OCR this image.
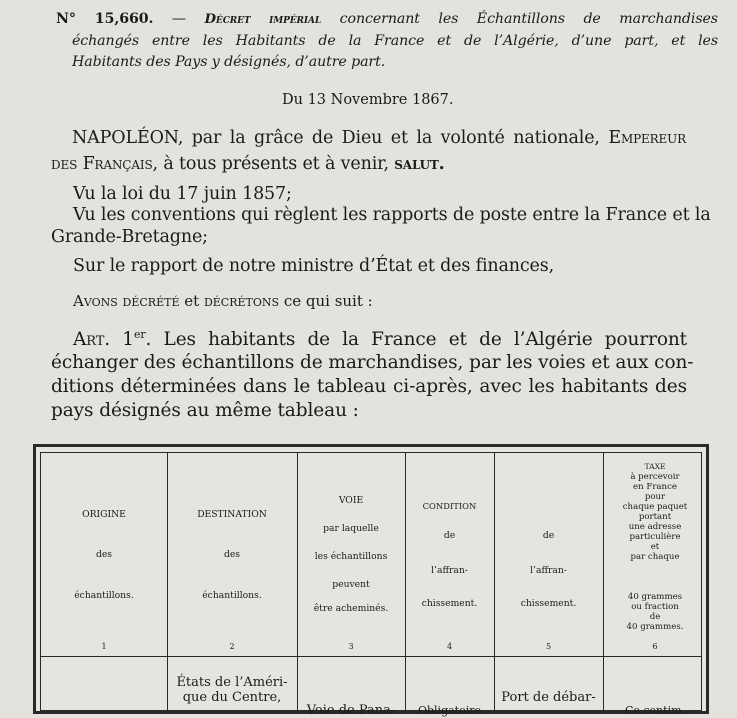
N° 15,660. — Décret impérial concernant les Échantillons de marchandises

échangés entre les Habitants de la France et de l’Algérie, d’une part, et les

Habitants des Pays y désignés, d’autre part.

Du 13 Novembre 1867.

NAPOLÉON, par la grâce de Dieu et la volonté nationale, Empereur

des Français, à tous présents et à venir, salut.

Vu la loi du 17 juin 1857;

Vu les conventions qui règlent les rapports de poste entre la France et la

Grande-Bretagne;

Sur le rapport de notre ministre d’État et des finances,

Avons décrété et décrétons ce qui suit :

Art. 1er. Les habitants de la France et de l’Algérie pourront

échanger des échantillons de marchandises, par les voies et aux con-

ditions déterminées dans le tableau ci-après, avec les habitants des

pays désignés au même tableau :

ORIGINE
des
échantillons.
1
DESTINATION
des
échantillons.
2
VOIE
par laquelle
les échantillons
peuvent
être acheminés.
3
CONDITION
de
l’affran-
chissement.
4
de
l’affran-
chissement.
5
TAXE
à percevoir
en France
pour
chaque paquet
portant
une adresse
particulière
et
par chaque
40 grammes
ou fraction
de
40 grammes.
6
États de l’Améri-
que du Centre,
Voie de Pana-	Obligatoire
Port de débar-
Ce centim.
